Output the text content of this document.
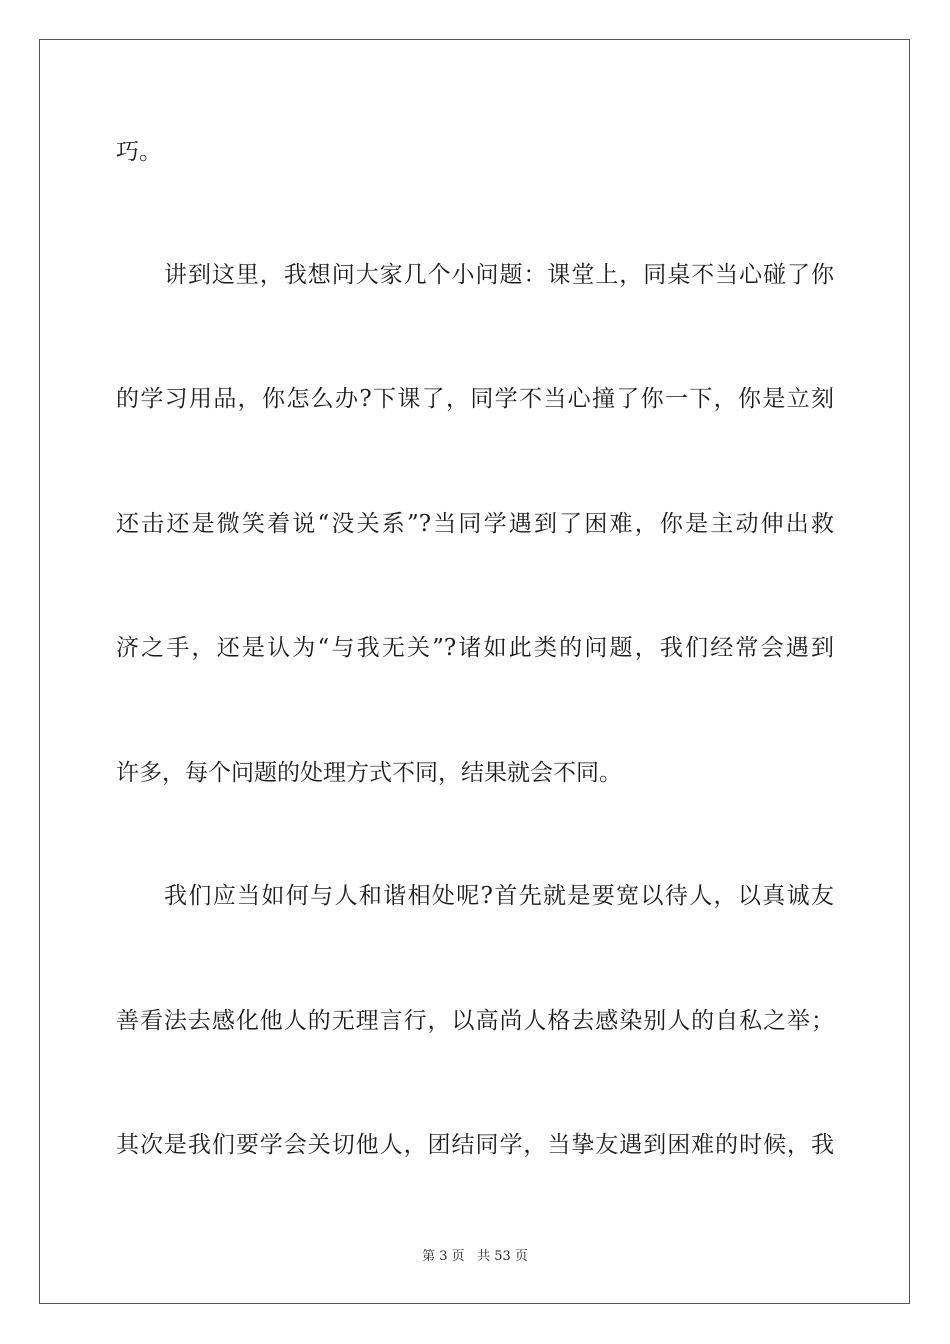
巧。
讲到这里，我想问大家几个小问题：课堂上，同桌不当心碰了你
的学习用品，你怎么办?下课了，同学不当心撞了你一下，你是立刻
还击还是微笑着说“没关系”?当同学遇到了困难，你是主动伸出救
济之手，还是认为“与我无关”?诸如此类的问题，我们经常会遇到
许多，每个问题的处理方式不同，结果就会不同。
我们应当如何与人和谐相处呢?首先就是要宽以待人，以真诚友
善看法去感化他人的无理言行，以高尚人格去感染别人的自私之举；
其次是我们要学会关切他人，团结同学，当挚友遇到困难的时候，我
第 3 页 共 53 页
